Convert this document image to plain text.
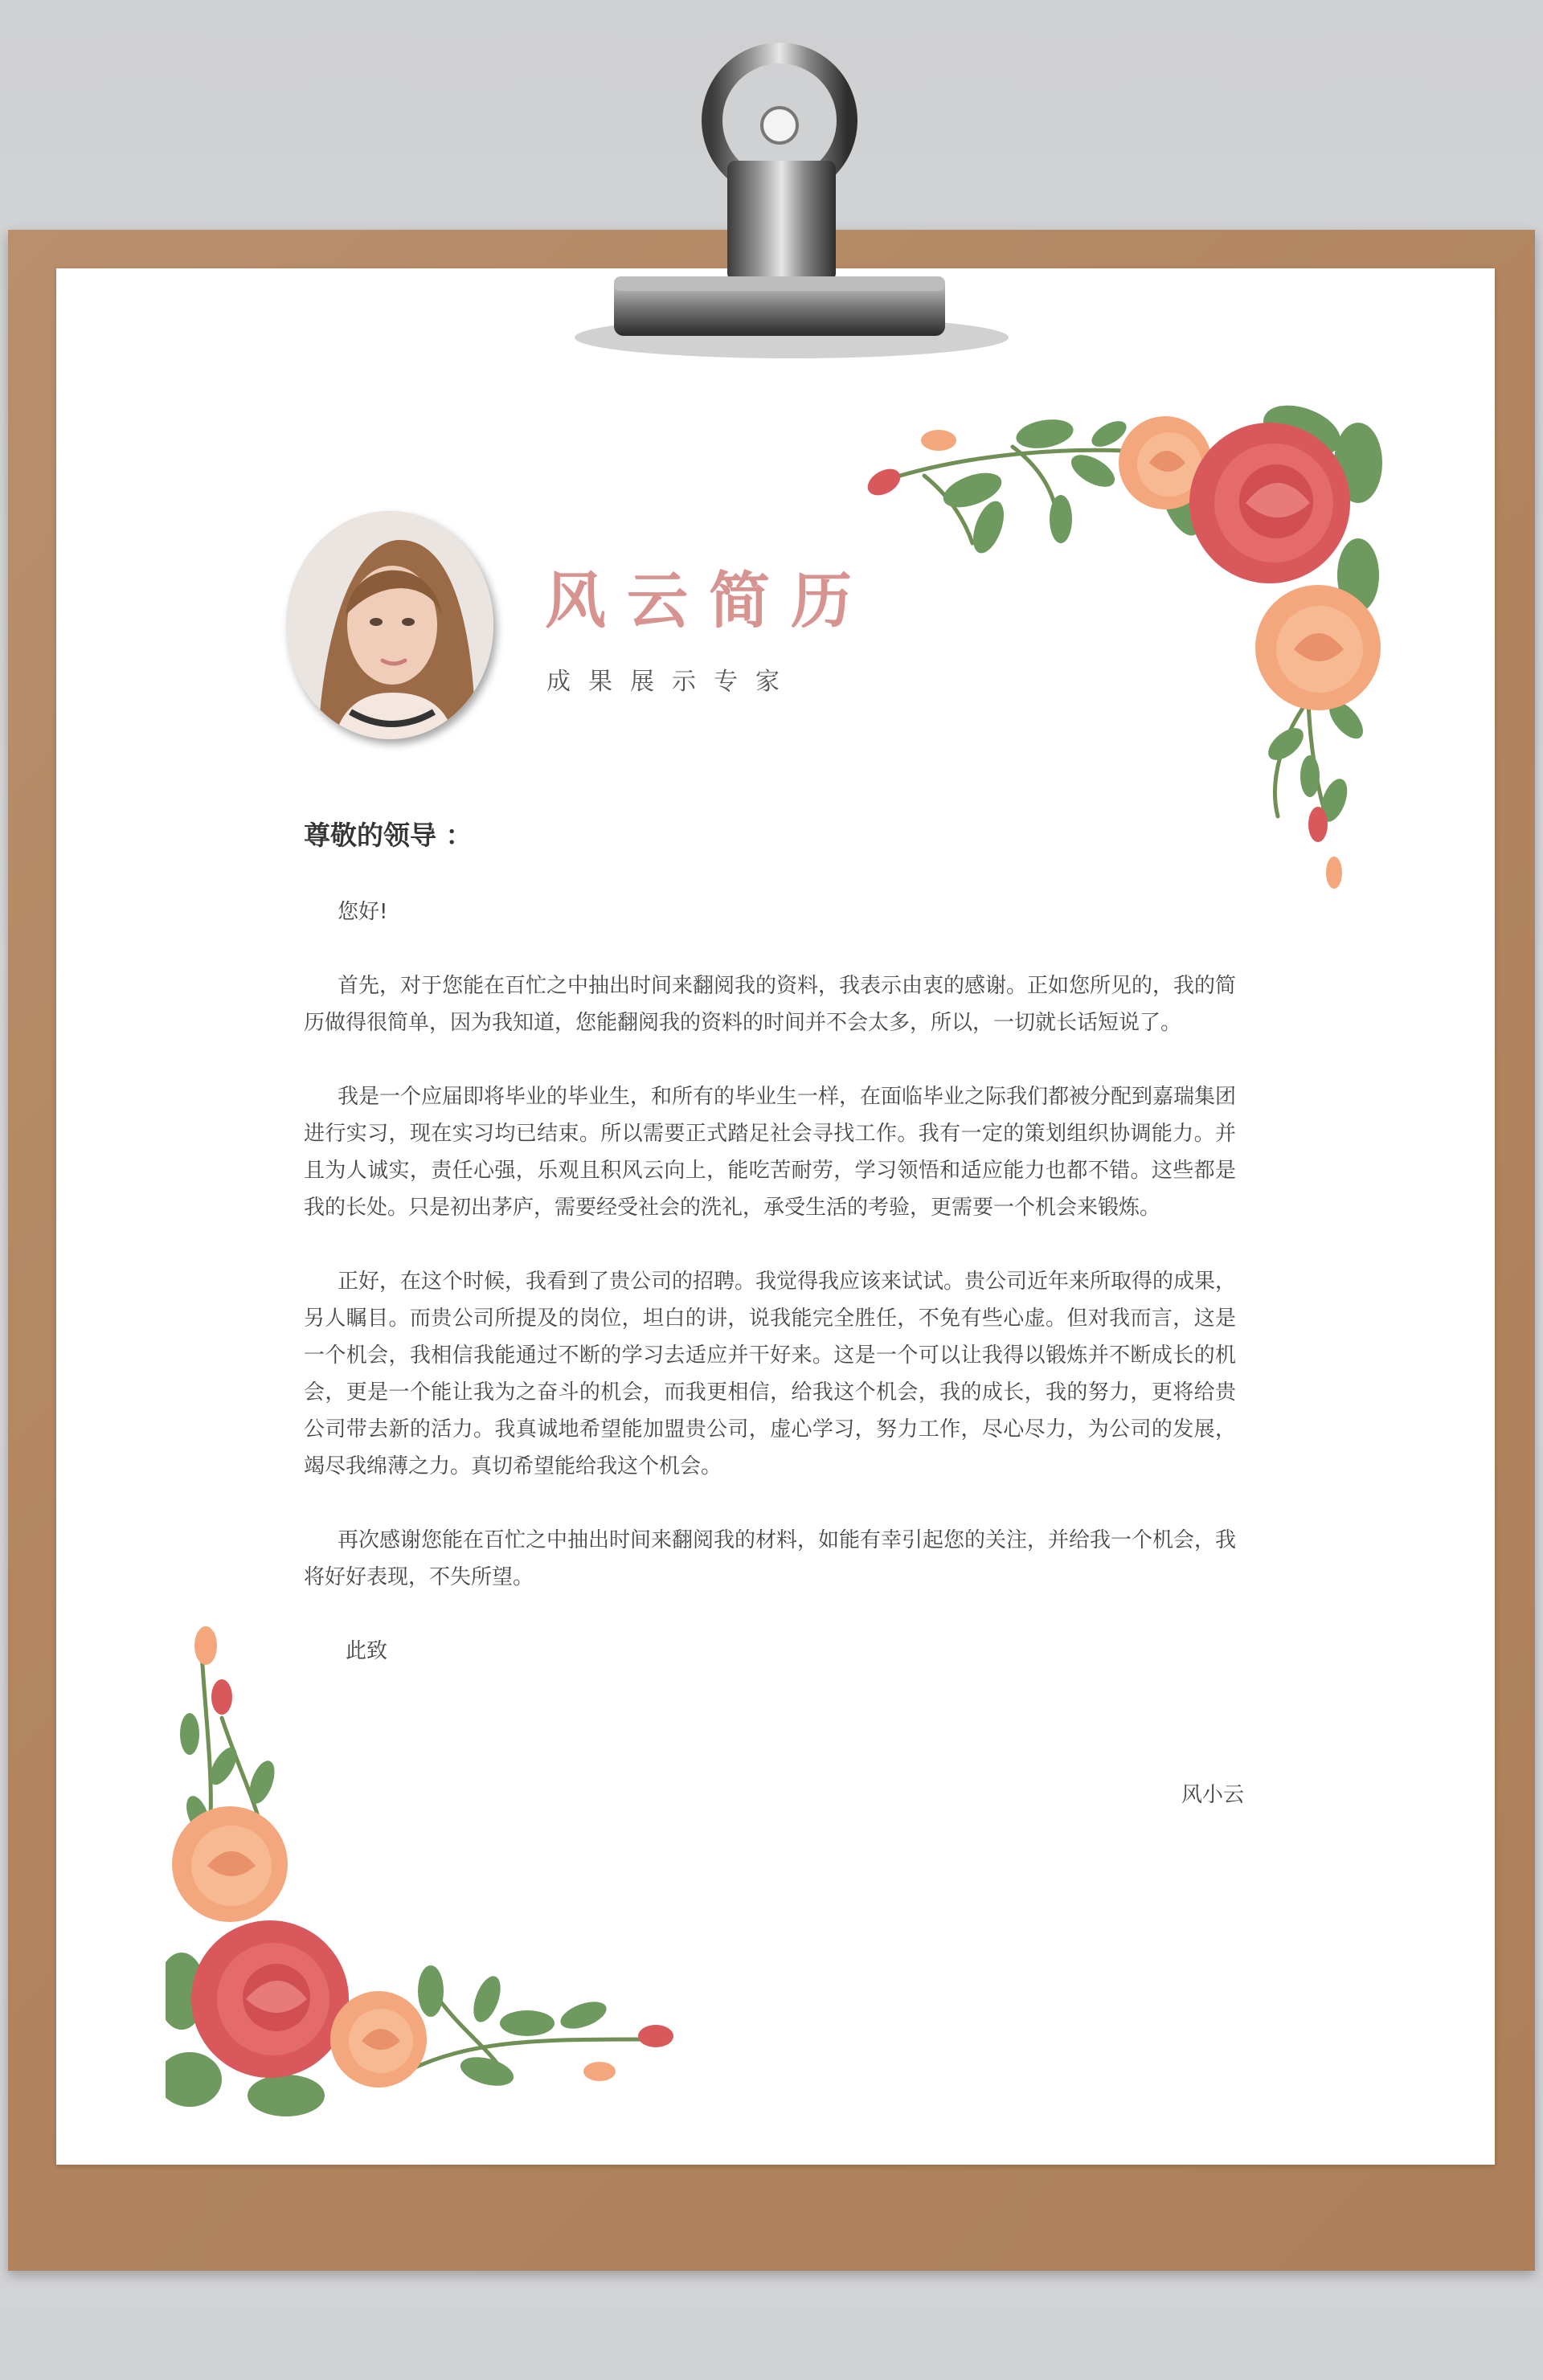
风云简历
成果展示专家
尊敬的领导 ：

您好!

首先，对于您能在百忙之中抽出时间来翻阅我的资料，我表示由衷的感谢。正如您所见的，我的简历做得很简单，因为我知道，您能翻阅我的资料的时间并不会太多，所以，一切就长话短说了。

我是一个应届即将毕业的毕业生，和所有的毕业生一样，在面临毕业之际我们都被分配到嘉瑞集团进行实习，现在实习均已结束。所以需要正式踏足社会寻找工作。我有一定的策划组织协调能力。并且为人诚实，责任心强，乐观且积风云向上，能吃苦耐劳，学习领悟和适应能力也都不错。这些都是我的长处。只是初出茅庐，需要经受社会的洗礼，承受生活的考验，更需要一个机会来锻炼。

正好，在这个时候，我看到了贵公司的招聘。我觉得我应该来试试。贵公司近年来所取得的成果，另人瞩目。而贵公司所提及的岗位，坦白的讲，说我能完全胜任，不免有些心虚。但对我而言，这是一个机会，我相信我能通过不断的学习去适应并干好来。这是一个可以让我得以锻炼并不断成长的机会，更是一个能让我为之奋斗的机会，而我更相信，给我这个机会，我的成长，我的努力，更将给贵公司带去新的活力。我真诚地希望能加盟贵公司，虚心学习，努力工作，尽心尽力，为公司的发展，竭尽我绵薄之力。真切希望能给我这个机会。

再次感谢您能在百忙之中抽出时间来翻阅我的材料，如能有幸引起您的关注，并给我一个机会，我将好好表现，不失所望。

此致

风小云
